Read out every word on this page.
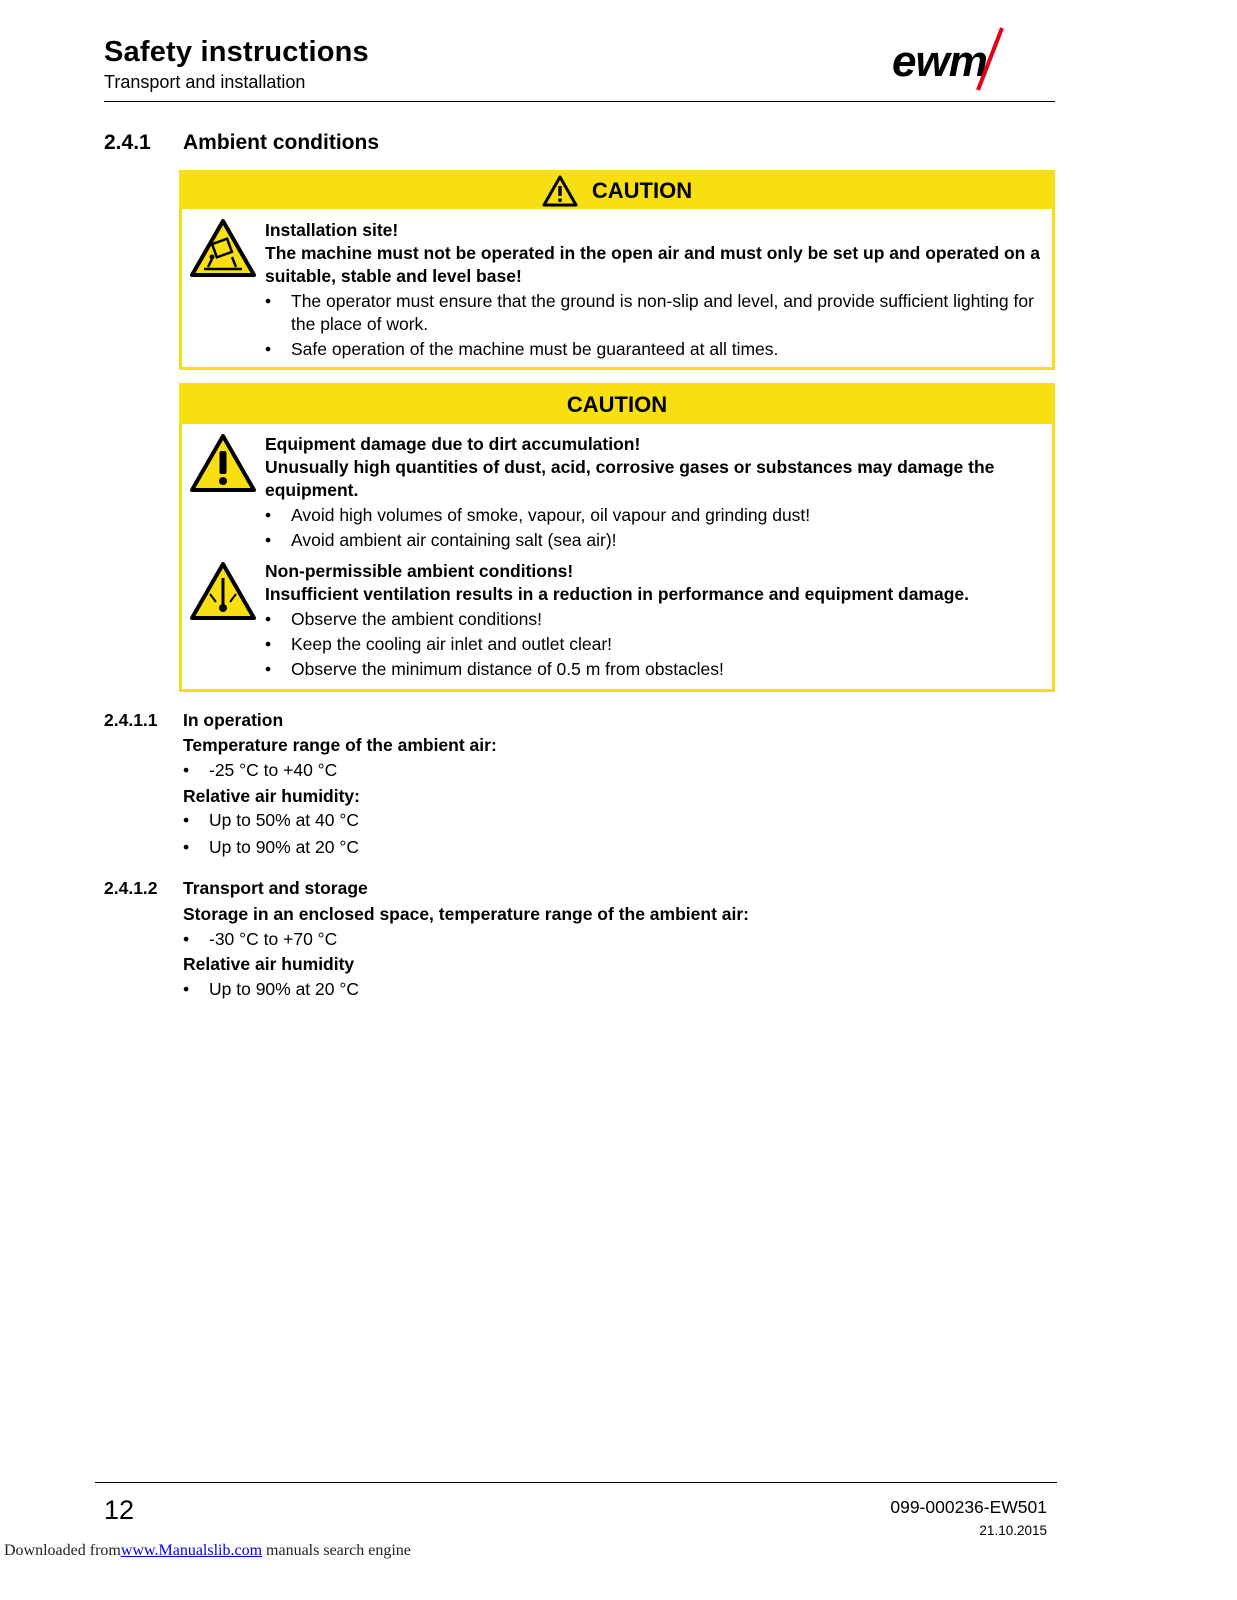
Safety instructions
Transport and installation	ewm
2.4.1 Ambient conditions
CAUTION
Installation site!
The machine must not be operated in the open air and must only be set up and operated on a suitable, stable and level base!
•	The operator must ensure that the ground is non-slip and level, and provide sufficient lighting for the place of work.
•	Safe operation of the machine must be guaranteed at all times.
CAUTION
Equipment damage due to dirt accumulation!
Unusually high quantities of dust, acid, corrosive gases or substances may damage the equipment.
•	Avoid high volumes of smoke, vapour, oil vapour and grinding dust!
•	Avoid ambient air containing salt (sea air)!
Non-permissible ambient conditions!
Insufficient ventilation results in a reduction in performance and equipment damage.
•	Observe the ambient conditions!
•	Keep the cooling air inlet and outlet clear!
•	Observe the minimum distance of 0.5 m from obstacles!
2.4.1.1 In operation
Temperature range of the ambient air:
•	-25 °C to +40 °C
Relative air humidity:
•	Up to 50% at 40 °C
•	Up to 90% at 20 °C
2.4.1.2 Transport and storage
Storage in an enclosed space, temperature range of the ambient air:
•	-30 °C to +70 °C
Relative air humidity
•	Up to 90% at 20 °C
12	099-000236-EW501
21.10.2015
Downloaded fromwww.Manualslib.com manuals search engine
